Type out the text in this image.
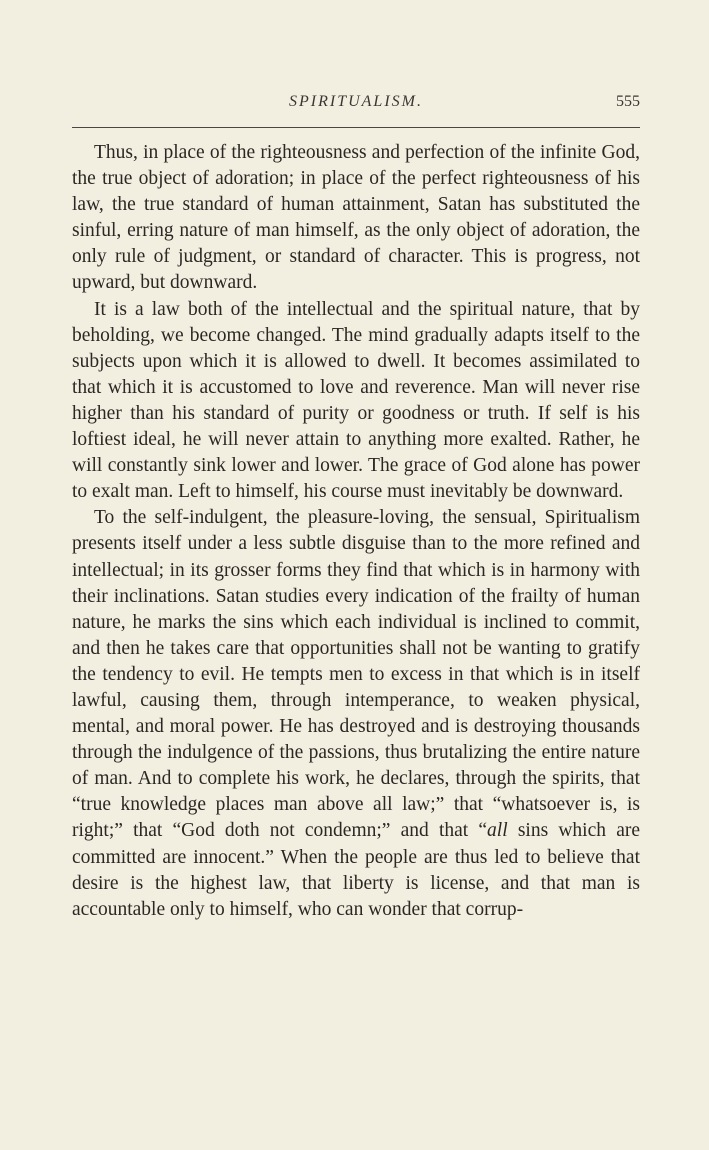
SPIRITUALISM.	555

Thus, in place of the righteousness and perfection of the infinite God, the true object of adoration; in place of the perfect righteousness of his law, the true standard of human attainment, Satan has substituted the sinful, erring nature of man himself, as the only object of adoration, the only rule of judgment, or standard of character. This is progress, not upward, but downward.

It is a law both of the intellectual and the spiritual nature, that by beholding, we become changed. The mind gradually adapts itself to the subjects upon which it is allowed to dwell. It becomes assimilated to that which it is accustomed to love and reverence. Man will never rise higher than his standard of purity or goodness or truth. If self is his loftiest ideal, he will never attain to anything more exalted. Rather, he will constantly sink lower and lower. The grace of God alone has power to exalt man. Left to himself, his course must inevitably be downward.

To the self-indulgent, the pleasure-loving, the sensual, Spiritualism presents itself under a less subtle disguise than to the more refined and intellectual; in its grosser forms they find that which is in harmony with their inclinations. Satan studies every indication of the frailty of human nature, he marks the sins which each individual is inclined to commit, and then he takes care that opportunities shall not be wanting to gratify the tendency to evil. He tempts men to excess in that which is in itself lawful, causing them, through intemperance, to weaken physical, mental, and moral power. He has destroyed and is destroying thousands through the indulgence of the passions, thus brutalizing the entire nature of man. And to complete his work, he declares, through the spirits, that “true knowledge places man above all law;” that “whatsoever is, is right;” that “God doth not condemn;” and that “all sins which are committed are innocent.” When the people are thus led to believe that desire is the highest law, that liberty is license, and that man is accountable only to himself, who can wonder that corrup-
